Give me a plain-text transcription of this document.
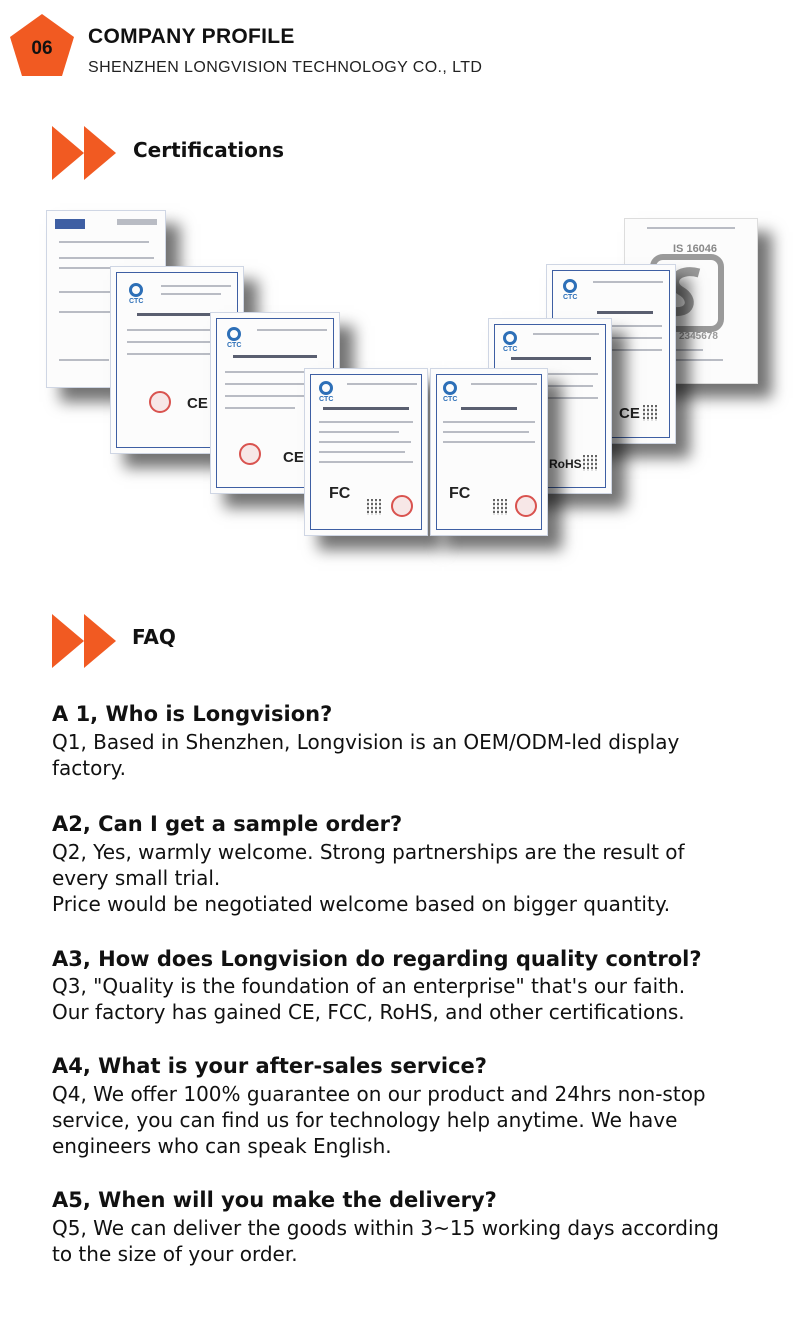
06
COMPANY PROFILE
SHENZHEN LONGVISION TECHNOLOGY CO., LTD
Certifications
IS 16046
2345678
CTC
CE
CTC
CE
CTC
CE
CTC
RoHS
CTC
FC
CTC
FC
FAQ
A 1, Who is Longvision?
Q1, Based in Shenzhen, Longvision is an OEM/ODM-led display
factory.
A2, Can I get a sample order?
Q2, Yes, warmly welcome. Strong partnerships are the result of
every small trial.
Price would be negotiated welcome based on bigger quantity.
A3, How does Longvision do regarding quality control?
Q3, "Quality is the foundation of an enterprise" that's our faith.
Our factory has gained CE, FCC, RoHS, and other certifications.
A4, What is your after-sales service?
Q4, We offer 100% guarantee on our product and 24hrs non-stop
service, you can find us for technology help anytime. We have
engineers who can speak English.
A5, When will you make the delivery?
Q5, We can deliver the goods within 3~15 working days according
to the size of your order.
